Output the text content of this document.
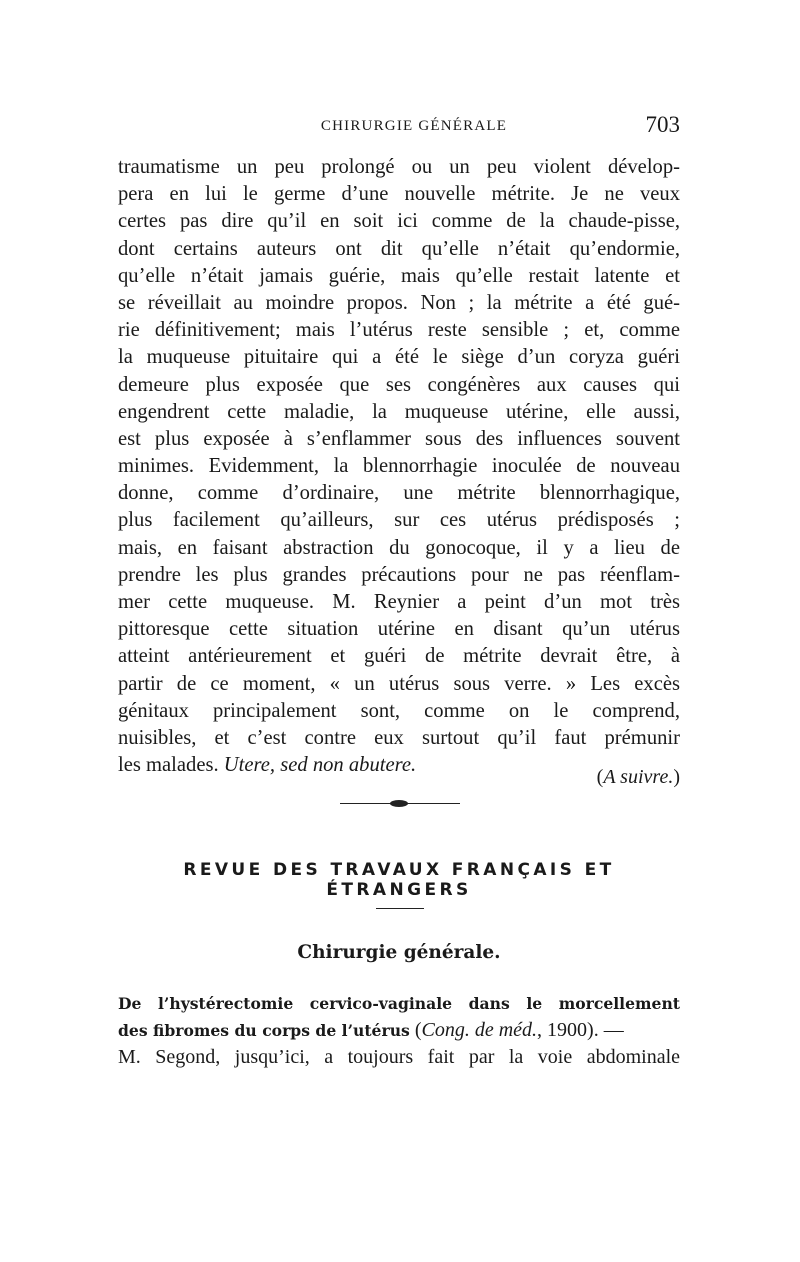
CHIRURGIE GÉNÉRALE	703
traumatisme un peu prolongé ou un peu violent dévelop-
pera en lui le germe d’une nouvelle métrite. Je ne veux
certes pas dire qu’il en soit ici comme de la chaude-pisse,
dont certains auteurs ont dit qu’elle n’était qu’endormie,
qu’elle n’était jamais guérie, mais qu’elle restait latente et
se réveillait au moindre propos. Non ; la métrite a été gué-
rie définitivement; mais l’utérus reste sensible ; et, comme
la muqueuse pituitaire qui a été le siège d’un coryza guéri
demeure plus exposée que ses congénères aux causes qui
engendrent cette maladie, la muqueuse utérine, elle aussi,
est plus exposée à s’enflammer sous des influences souvent
minimes. Evidemment, la blennorrhagie inoculée de nouveau
donne, comme d’ordinaire, une métrite blennorrhagique,
plus facilement qu’ailleurs, sur ces utérus prédisposés ;
mais, en faisant abstraction du gonocoque, il y a lieu de
prendre les plus grandes précautions pour ne pas réenflam-
mer cette muqueuse. M. Reynier a peint d’un mot très
pittoresque cette situation utérine en disant qu’un utérus
atteint antérieurement et guéri de métrite devrait être, à
partir de ce moment, « un utérus sous verre. » Les excès
génitaux principalement sont, comme on le comprend,
nuisibles, et c’est contre eux surtout qu’il faut prémunir
les malades. Utere, sed non abutere.
(A suivre.)
REVUE DES TRAVAUX FRANÇAIS ET ÉTRANGERS
Chirurgie générale.
De l’hystérectomie cervico-vaginale dans le morcellement
des fibromes du corps de l’utérus (Cong. de méd., 1900). —
M. Segond, jusqu’ici, a toujours fait par la voie abdominale
